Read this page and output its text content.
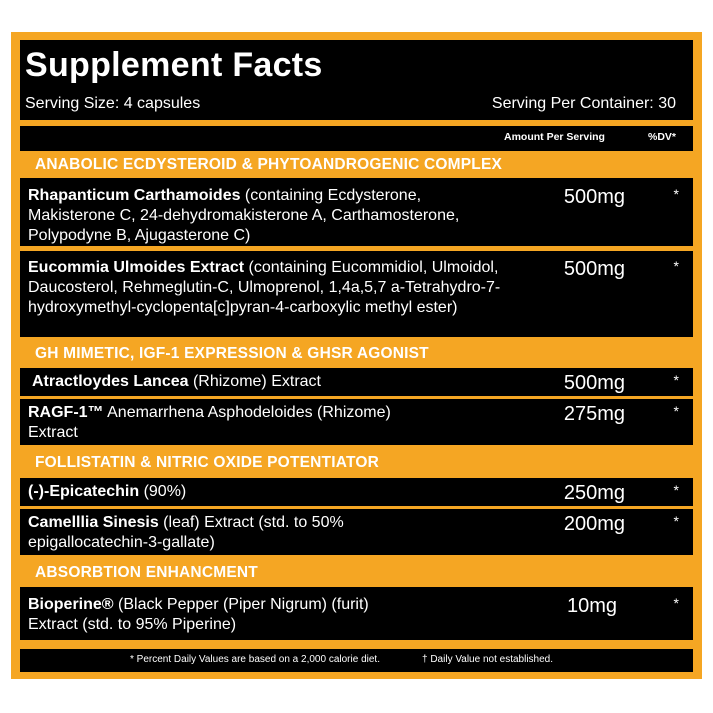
Supplement Facts
Serving Size: 4 capsules	Serving Per Container: 30
Amount Per Serving	%DV*
ANABOLIC ECDYSTEROID & PHYTOANDROGENIC COMPLEX
Rhapanticum Carthamoides (containing Ecdysterone, Makisterone C, 24-dehydromakisterone A, Carthamosterone, Polypodyne B, Ajugasterone C)
500mg	*
Eucommia Ulmoides Extract (containing Eucommidiol, Ulmoidol, Daucosterol, Rehmeglutin-C, Ulmoprenol, 1,4a,5,7 a-Tetrahydro-7-hydroxymethyl-cyclopenta[c]pyran-4-carboxylic methyl ester)
500mg	*
GH MIMETIC, IGF-1 EXPRESSION & GHSR AGONIST
Atractloydes Lancea (Rhizome) Extract	500mg	*
RAGF-1™ Anemarrhena Asphodeloides (Rhizome) Extract
275mg	*
FOLLISTATIN & NITRIC OXIDE POTENTIATOR
(-)-Epicatechin (90%)	250mg	*
Camelllia Sinesis (leaf) Extract (std. to 50% epigallocatechin-3-gallate)
200mg	*
ABSORBTION ENHANCMENT
Bioperine® (Black Pepper (Piper Nigrum) (furit) Extract (std. to 95% Piperine)
10mg	*
* Percent Daily Values are based on a 2,000 calorie diet.	† Daily Value not established.
